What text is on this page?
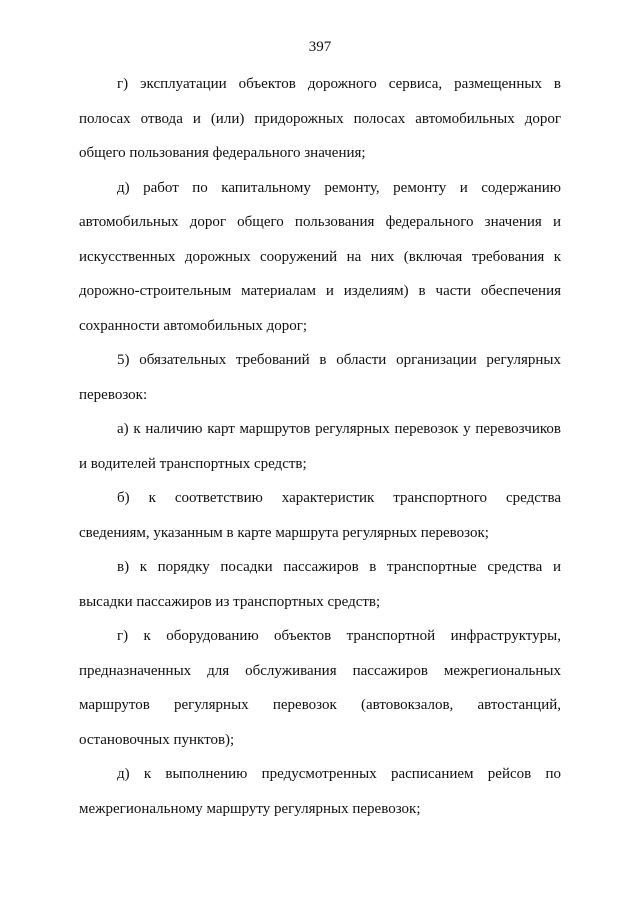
397

г) эксплуатации объектов дорожного сервиса, размещенных в
полосах отвода и (или) придорожных полосах автомобильных дорог
общего пользования федерального значения;

д) работ по капитальному ремонту, ремонту и содержанию
автомобильных дорог общего пользования федерального значения и
искусственных дорожных сооружений на них (включая требования к
дорожно-строительным материалам и изделиям) в части обеспечения
сохранности автомобильных дорог;

5) обязательных требований в области организации регулярных
перевозок:

а) к наличию карт маршрутов регулярных перевозок у перевозчиков
и водителей транспортных средств;

б) к соответствию характеристик транспортного средства
сведениям, указанным в карте маршрута регулярных перевозок;

в) к порядку посадки пассажиров в транспортные средства и
высадки пассажиров из транспортных средств;

г) к оборудованию объектов транспортной инфраструктуры,
предназначенных для обслуживания пассажиров межрегиональных
маршрутов регулярных перевозок (автовокзалов, автостанций,
остановочных пунктов);

д) к выполнению предусмотренных расписанием рейсов по
межрегиональному маршруту регулярных перевозок;
